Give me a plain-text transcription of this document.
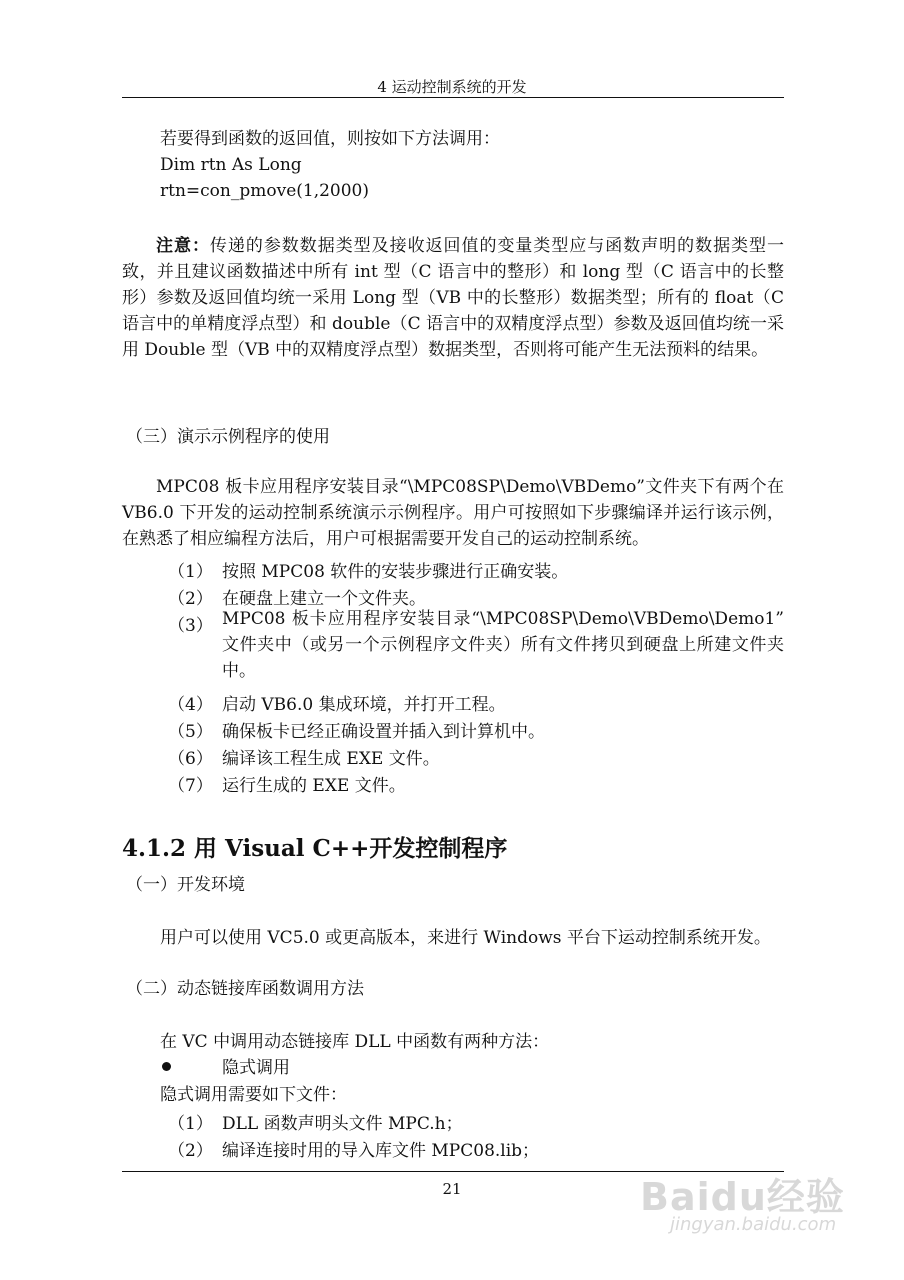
4 运动控制系统的开发
若要得到函数的返回值，则按如下方法调用：
Dim rtn As Long
rtn=con_pmove(1,2000)
注意：传递的参数数据类型及接收返回值的变量类型应与函数声明的数据类型一致，并且建议函数描述中所有 int 型（C 语言中的整形）和 long 型（C 语言中的长整形）参数及返回值均统一采用 Long 型（VB 中的长整形）数据类型；所有的 float（C 语言中的单精度浮点型）和 double（C 语言中的双精度浮点型）参数及返回值均统一采用 Double 型（VB 中的双精度浮点型）数据类型，否则将可能产生无法预料的结果。
（三）演示示例程序的使用
MPC08 板卡应用程序安装目录“\MPC08SP\Demo\VBDemo”文件夹下有两个在 VB6.0 下开发的运动控制系统演示示例程序。用户可按照如下步骤编译并运行该示例，在熟悉了相应编程方法后，用户可根据需要开发自己的运动控制系统。
（1） 按照 MPC08 软件的安装步骤进行正确安装。
（2） 在硬盘上建立一个文件夹。
（3） MPC08 板卡应用程序安装目录“\MPC08SP\Demo\VBDemo\Demo1” 文件夹中（或另一个示例程序文件夹）所有文件拷贝到硬盘上所建文件夹中。
（4） 启动 VB6.0 集成环境，并打开工程。
（5） 确保板卡已经正确设置并插入到计算机中。
（6） 编译该工程生成 EXE 文件。
（7） 运行生成的 EXE 文件。
4.1.2 用 Visual C++开发控制程序
（一）开发环境
用户可以使用 VC5.0 或更高版本，来进行 Windows 平台下运动控制系统开发。
（二）动态链接库函数调用方法
在 VC 中调用动态链接库 DLL 中函数有两种方法：
隐式调用
隐式调用需要如下文件：
（1） DLL 函数声明头文件 MPC.h；
（2） 编译连接时用的导入库文件 MPC08.lib；
21	Baidu经验
jingyan.baidu.com
